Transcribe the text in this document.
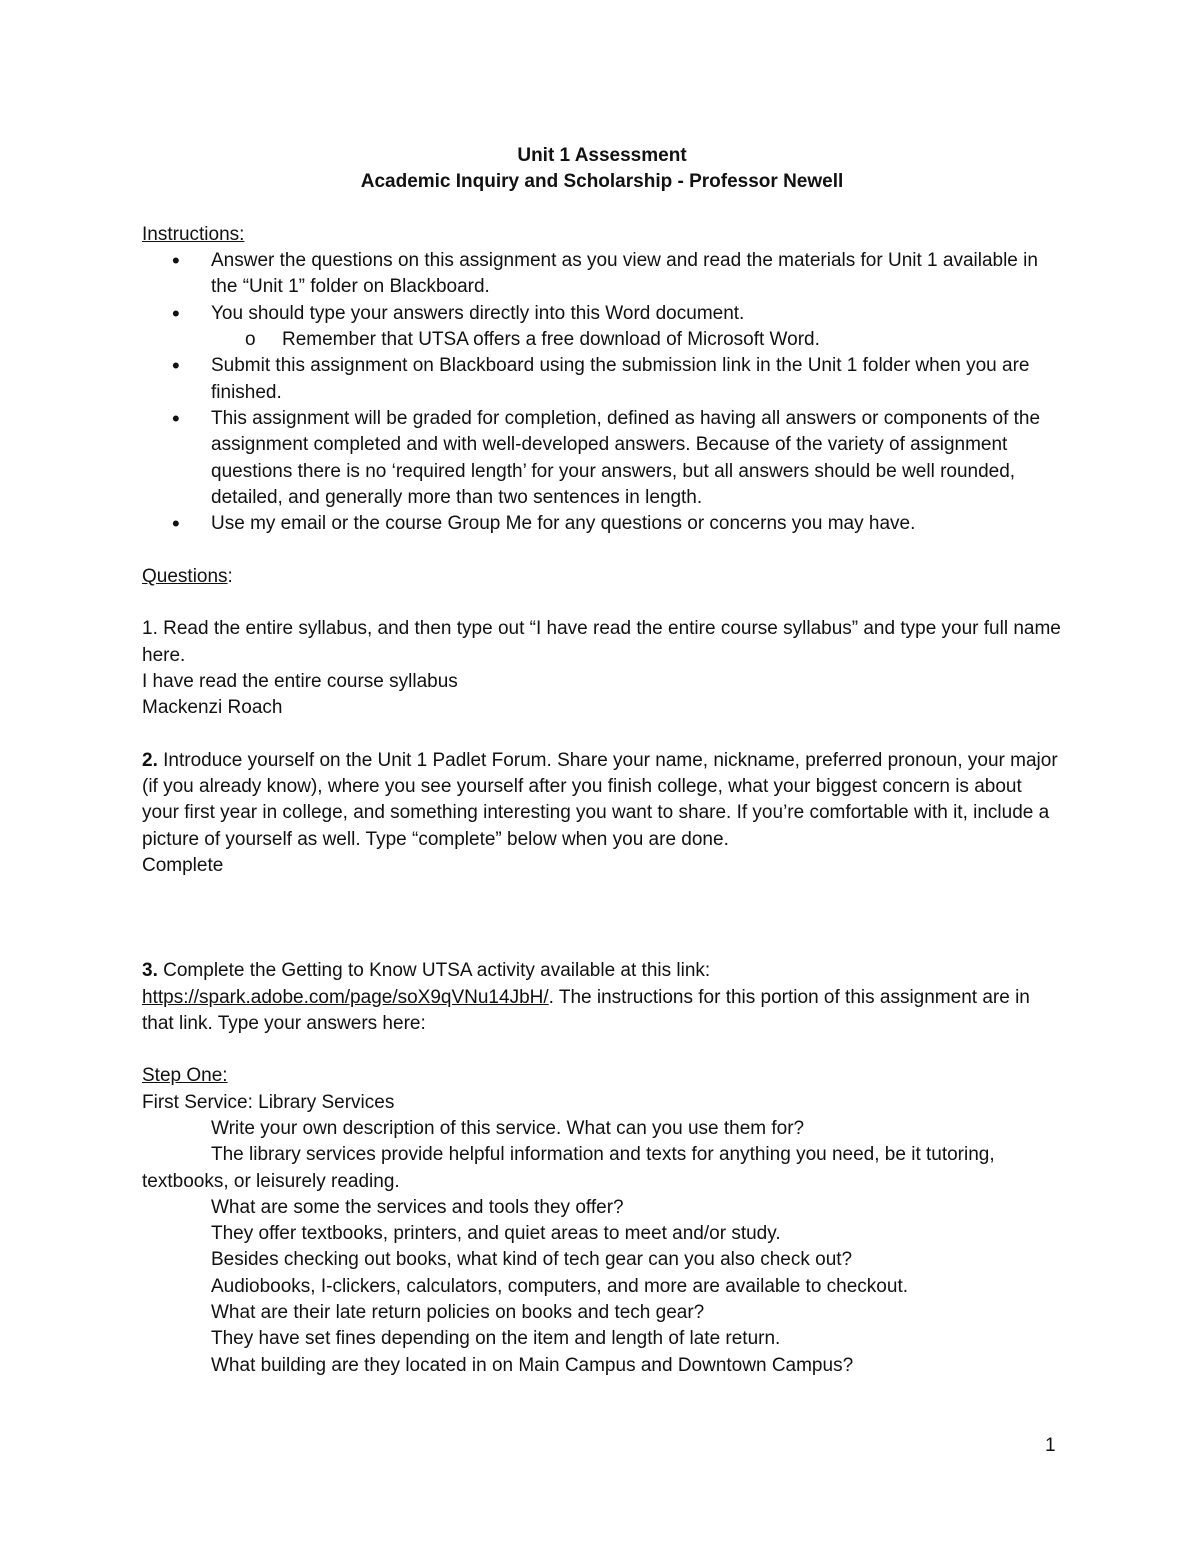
Unit 1 Assessment
Academic Inquiry and Scholarship - Professor Newell
Instructions:
• Answer the questions on this assignment as you view and read the materials for Unit 1 available in the “Unit 1” folder on Blackboard.
• You should type your answers directly into this Word document.
o Remember that UTSA offers a free download of Microsoft Word.
• Submit this assignment on Blackboard using the submission link in the Unit 1 folder when you are finished.
• This assignment will be graded for completion, defined as having all answers or components of the assignment completed and with well-developed answers. Because of the variety of assignment questions there is no ‘required length’ for your answers, but all answers should be well rounded, detailed, and generally more than two sentences in length.
• Use my email or the course Group Me for any questions or concerns you may have.
Questions:
1. Read the entire syllabus, and then type out “I have read the entire course syllabus” and type your full name here.
I have read the entire course syllabus
Mackenzi Roach
2. Introduce yourself on the Unit 1 Padlet Forum. Share your name, nickname, preferred pronoun, your major (if you already know), where you see yourself after you finish college, what your biggest concern is about your first year in college, and something interesting you want to share. If you’re comfortable with it, include a picture of yourself as well. Type “complete” below when you are done.
Complete
3. Complete the Getting to Know UTSA activity available at this link:
https://spark.adobe.com/page/soX9qVNu14JbH/. The instructions for this portion of this assignment are in that link. Type your answers here:
Step One:
First Service: Library Services
Write your own description of this service. What can you use them for?
The library services provide helpful information and texts for anything you need, be it tutoring,
textbooks, or leisurely reading.
What are some the services and tools they offer?
They offer textbooks, printers, and quiet areas to meet and/or study.
Besides checking out books, what kind of tech gear can you also check out?
Audiobooks, I-clickers, calculators, computers, and more are available to checkout.
What are their late return policies on books and tech gear?
They have set fines depending on the item and length of late return.
What building are they located in on Main Campus and Downtown Campus?
1
